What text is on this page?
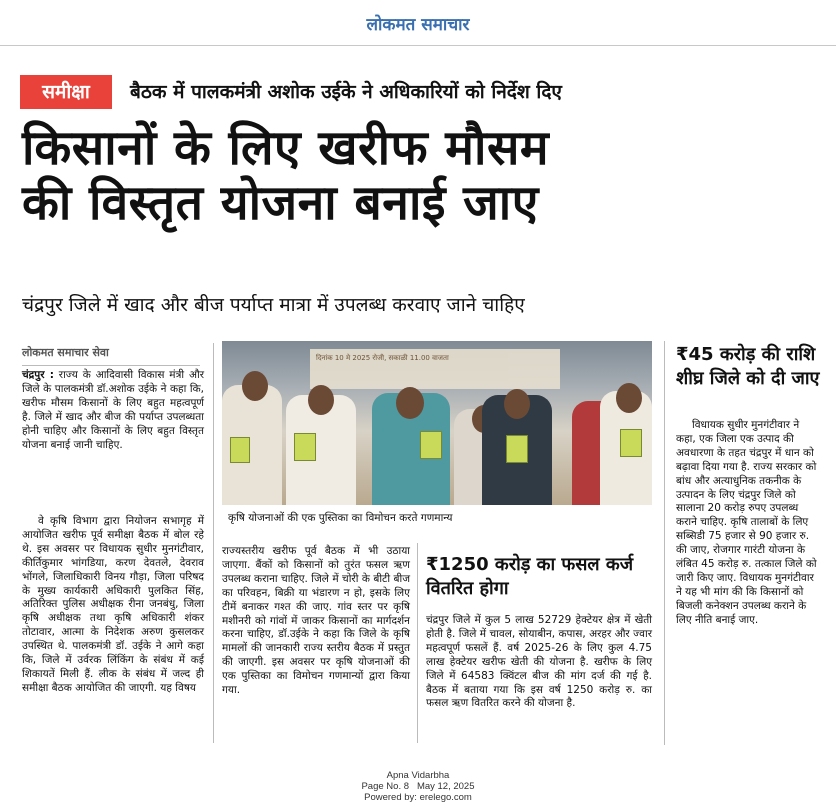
लोकमत समाचार
समीक्षा	बैठक में पालकमंत्री अशोक उईके ने अधिकारियों को निर्देश दिए
किसानों के लिए खरीफ मौसम
की विस्तृत योजना बनाई जाए
चंद्रपुर जिले में खाद और बीज पर्याप्त मात्रा में उपलब्ध करवाए जाने चाहिए
लोकमत समाचार सेवा

चंद्रपुर : राज्य के आदिवासी विकास मंत्री और जिले के पालकमंत्री डॉ.अशोक उईके ने कहा कि, खरीफ मौसम किसानों के लिए बहुत महत्वपूर्ण है. जिले में खाद और बीज की पर्याप्त उपलब्धता होनी चाहिए और किसानों के लिए बहुत विस्तृत योजना बनाई जानी चाहिए.

वे कृषि विभाग द्वारा नियोजन सभागृह में आयोजित खरीफ पूर्व समीक्षा बैठक में बोल रहे थे. इस अवसर पर विधायक सुधीर मुनगंटीवार, कीर्तिकुमार भांगडिया, करण देवतले, देवराव भोंगले, जिलाधिकारी विनय गौड़ा, जिला परिषद के मुख्य कार्यकारी अधिकारी पुलकित सिंह, अतिरिक्त पुलिस अधीक्षक रीना जनबंधु, जिला कृषि अधीक्षक तथा कृषि अधिकारी शंकर तोटावार, आत्मा के निदेशक अरुण कुसलकर उपस्थित थे. पालकमंत्री डॉ. उईके ने आगे कहा कि, जिले में उर्वरक लिंकिंग के संबंध में कई शिकायतें मिली हैं. लीक के संबंध में जल्द ही समीक्षा बैठक आयोजित की जाएगी. यह विषय

दिनांक 10 मे 2025 रोजी, सकाळी 11.00 वाजता
कृषि योजनाओं की एक पुस्तिका का विमोचन करते गणमान्य

राज्यस्तरीय खरीफ पूर्व बैठक में भी उठाया जाएगा. बैंकों को किसानों को तुरंत फसल ऋण उपलब्ध कराना चाहिए. जिले में चोरी के बीटी बीज का परिवहन, बिक्री या भंडारण न हो, इसके लिए टीमें बनाकर गश्त की जाए. गांव स्तर पर कृषि मशीनरी को गांवों में जाकर किसानों का मार्गदर्शन करना चाहिए, डॉ.उईके ने कहा कि जिले के कृषि मामलों की जानकारी राज्य स्तरीय बैठक में प्रस्तुत की जाएगी. इस अवसर पर कृषि योजनाओं की एक पुस्तिका का विमोचन गणमान्यों द्वारा किया गया.

₹1250 करोड़ का फसल कर्ज वितरित होगा

चंद्रपुर जिले में कुल 5 लाख 52729 हेक्टेयर क्षेत्र में खेती होती है. जिले में चावल, सोयाबीन, कपास, अरहर और ज्वार महत्वपूर्ण फसलें हैं. वर्ष 2025-26 के लिए कुल 4.75 लाख हेक्टेयर खरीफ खेती की योजना है. खरीफ के लिए जिले में 64583 क्विंटल बीज की मांग दर्ज की गई है. बैठक में बताया गया कि इस वर्ष 1250 करोड़ रु. का फसल ऋण वितरित करने की योजना है.

₹45 करोड़ की राशि शीघ्र जिले को दी जाए

विधायक सुधीर मुनगंटीवार ने कहा, एक जिला एक उत्पाद की अवधारणा के तहत चंद्रपुर में धान को बढ़ावा दिया गया है. राज्य सरकार को बांध और अत्याधुनिक तकनीक के उत्पादन के लिए चंद्रपुर जिले को सालाना 20 करोड़ रुपए उपलब्ध कराने चाहिए. कृषि तालाबों के लिए सब्सिडी 75 हजार से 90 हजार रु. की जाए, रोजगार गारंटी योजना के लंबित 45 करोड़ रु. तत्काल जिले को जारी किए जाए. विधायक मुनगंटीवार ने यह भी मांग की कि किसानों को बिजली कनेक्शन उपलब्ध कराने के लिए नीति बनाई जाए.

Apna Vidarbha
Page No. 8 May 12, 2025
Powered by: erelego.com
